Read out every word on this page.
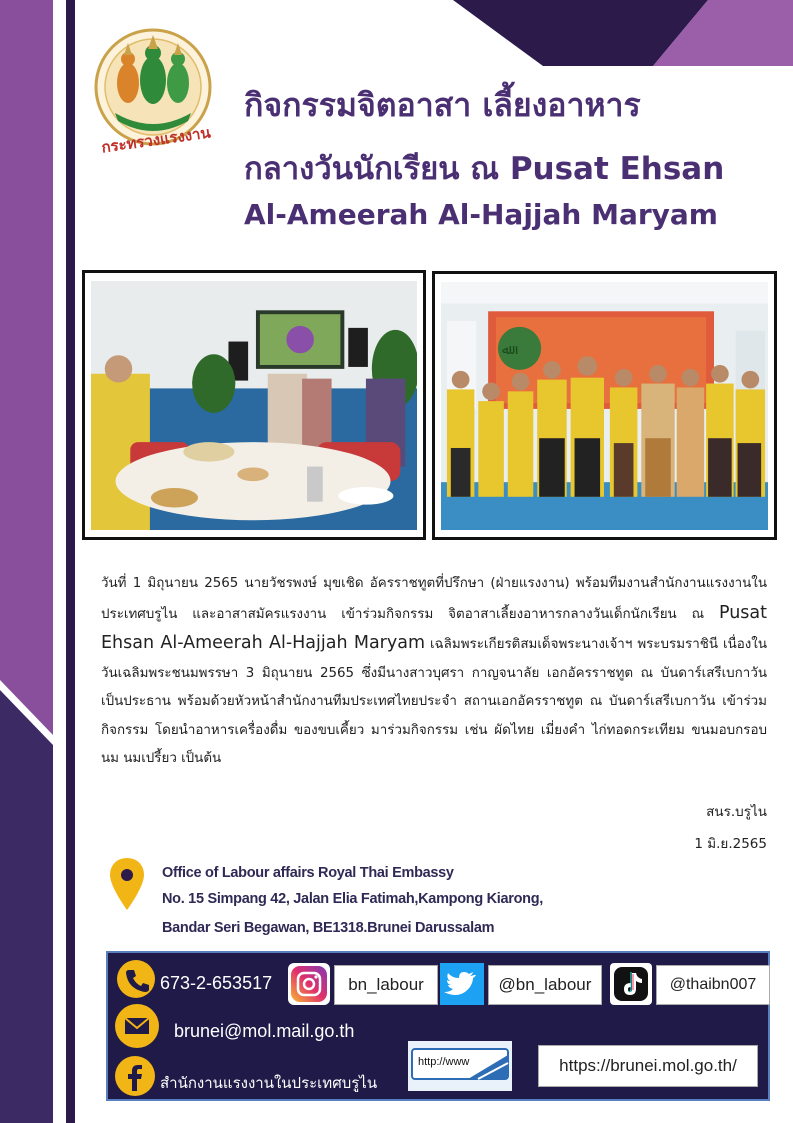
กระทรวงแรงงาน
กิจกรรมจิตอาสา เลี้ยงอาหาร
กลางวันนักเรียน ณ Pusat Ehsan
Al-Ameerah Al-Hajjah Maryam
ﷲ
วันที่ 1 มิถุนายน 2565 นายวัชรพงษ์ มุขเชิด อัครราชทูตที่ปรึกษา (ฝ่ายแรงงาน) พร้อมทีมงานสำนักงานแรงงานในประเทศบรูไน และอาสาสมัครแรงงาน เข้าร่วมกิจกรรม จิตอาสาเลี้ยงอาหารกลางวันเด็กนักเรียน ณ Pusat Ehsan Al-Ameerah Al-Hajjah Maryam เฉลิมพระเกียรติสมเด็จพระนางเจ้าฯ พระบรมราชินี เนื่องในวันเฉลิมพระชนมพรรษา 3 มิถุนายน 2565 ซึ่งมีนางสาวบุศรา กาญจนาลัย เอกอัครราชทูต ณ บันดาร์เสรีเบกาวัน เป็นประธาน พร้อมด้วยหัวหน้าสำนักงานทีมประเทศไทยประจำ สถานเอกอัครราชทูต ณ บันดาร์เสรีเบกาวัน เข้าร่วมกิจกรรม โดยนำอาหารเครื่องดื่ม ของขบเคี้ยว มาร่วมกิจกรรม เช่น ผัดไทย เมี่ยงคำ ไก่ทอดกระเทียม ขนมอบกรอบ นม นมเปรี้ยว เป็นต้น
สนร.บรูไน
1 มิ.ย.2565
Office of Labour affairs Royal Thai Embassy
No. 15 Simpang 42, Jalan Elia Fatimah,Kampong Kiarong,
Bandar Seri Begawan, BE1318.Brunei Darussalam
673-2-653517	bn_labour	@bn_labour	@thaibn007
brunei@mol.mail.go.th
สำนักงานแรงงานในประเทศบรูไน
http://www	https://brunei.mol.go.th/
